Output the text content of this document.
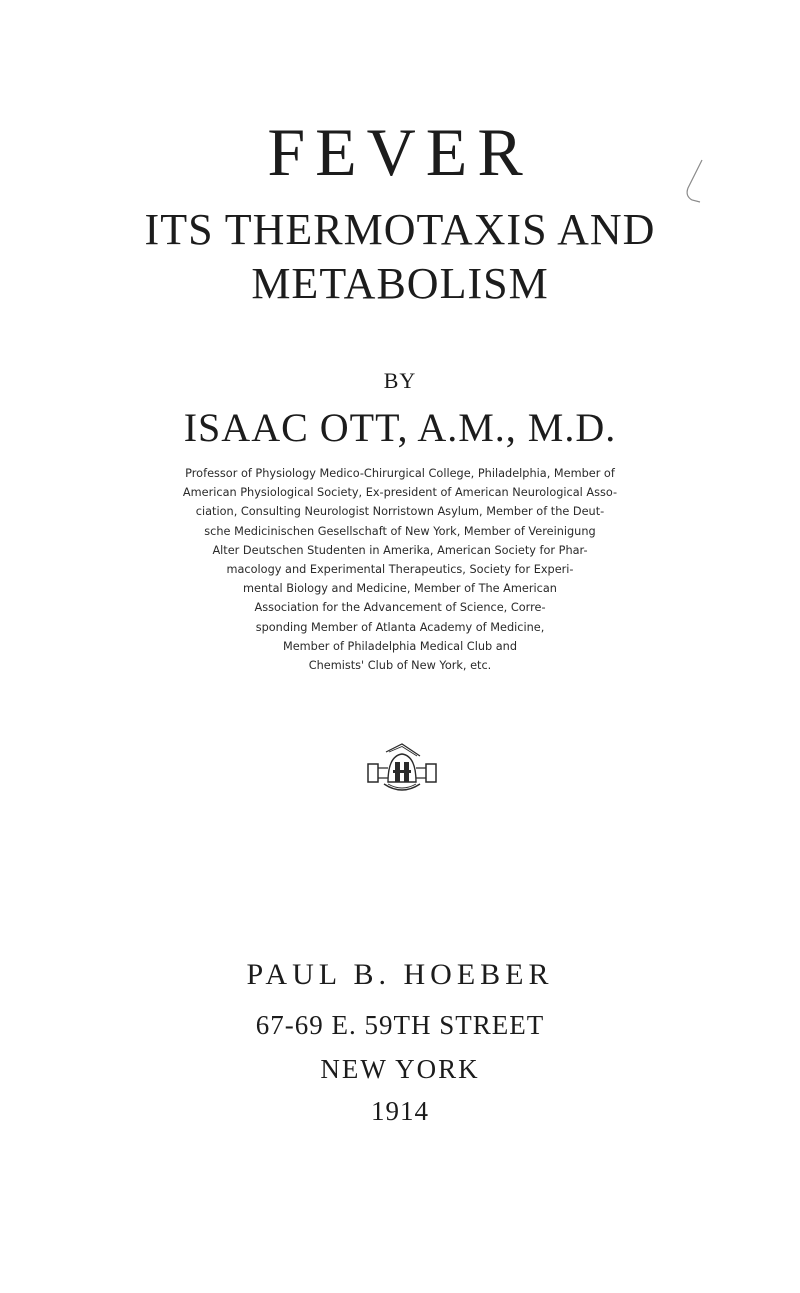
FEVER
ITS THERMOTAXIS AND
METABOLISM
BY
ISAAC OTT, A.M., M.D.
Professor of Physiology Medico-Chirurgical College, Philadelphia, Member of
American Physiological Society, Ex-president of American Neurological Asso-
ciation, Consulting Neurologist Norristown Asylum, Member of the Deut-
sche Medicinischen Gesellschaft of New York, Member of Vereinigung
Alter Deutschen Studenten in Amerika, American Society for Phar-
macology and Experimental Therapeutics, Society for Experi-
mental Biology and Medicine, Member of The American
Association for the Advancement of Science, Corre-
sponding Member of Atlanta Academy of Medicine,
Member of Philadelphia Medical Club and
Chemists' Club of New York, etc.
PAUL B. HOEBER
67-69 E. 59TH STREET
NEW YORK
1914
